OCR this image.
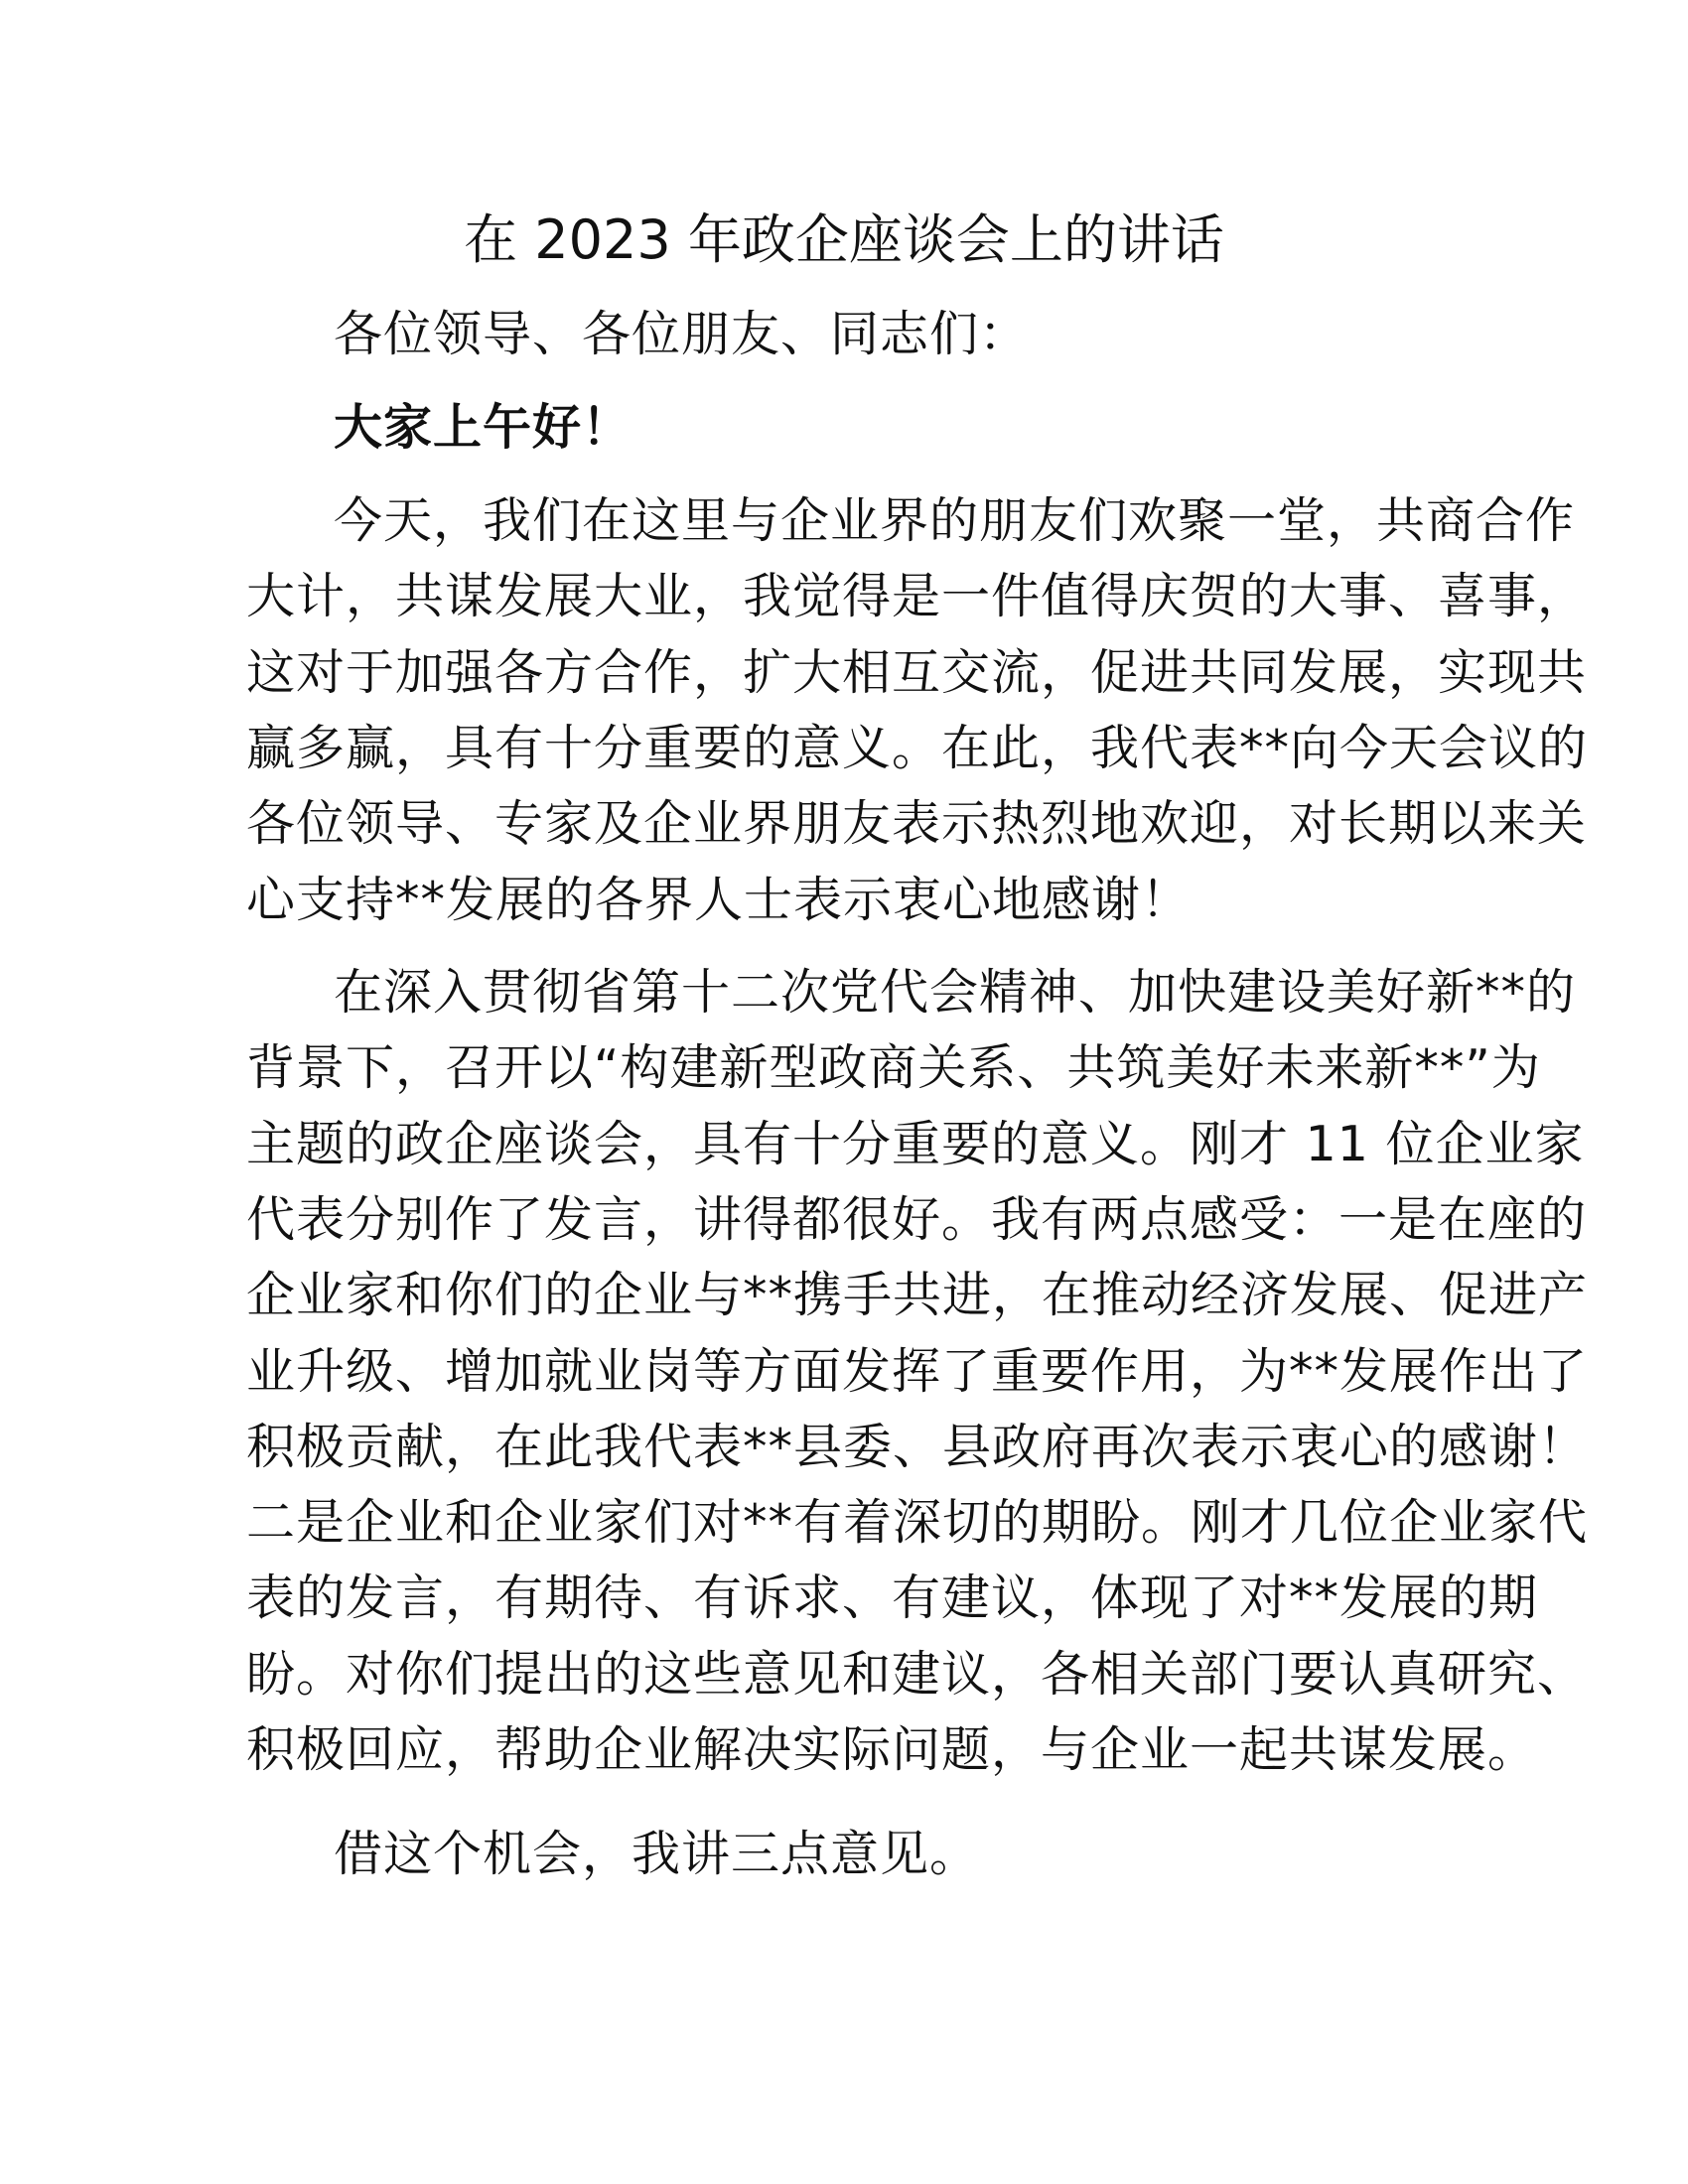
在 2023 年政企座谈会上的讲话
各位领导、各位朋友、同志们：
大家上午好！
今天，我们在这里与企业界的朋友们欢聚一堂，共商合作
大计，共谋发展大业，我觉得是一件值得庆贺的大事、喜事，
这对于加强各方合作，扩大相互交流，促进共同发展，实现共
赢多赢，具有十分重要的意义。在此，我代表**向今天会议的
各位领导、专家及企业界朋友表示热烈地欢迎，对长期以来关
心支持**发展的各界人士表示衷心地感谢！
在深入贯彻省第十二次党代会精神、加快建设美好新**的
背景下，召开以“构建新型政商关系、共筑美好未来新**”为
主题的政企座谈会，具有十分重要的意义。刚才 11 位企业家
代表分别作了发言，讲得都很好。我有两点感受：一是在座的
企业家和你们的企业与**携手共进，在推动经济发展、促进产
业升级、增加就业岗等方面发挥了重要作用，为**发展作出了
积极贡献，在此我代表**县委、县政府再次表示衷心的感谢！
二是企业和企业家们对**有着深切的期盼。刚才几位企业家代
表的发言，有期待、有诉求、有建议，体现了对**发展的期
盼。对你们提出的这些意见和建议，各相关部门要认真研究、
积极回应，帮助企业解决实际问题，与企业一起共谋发展。
借这个机会，我讲三点意见。
